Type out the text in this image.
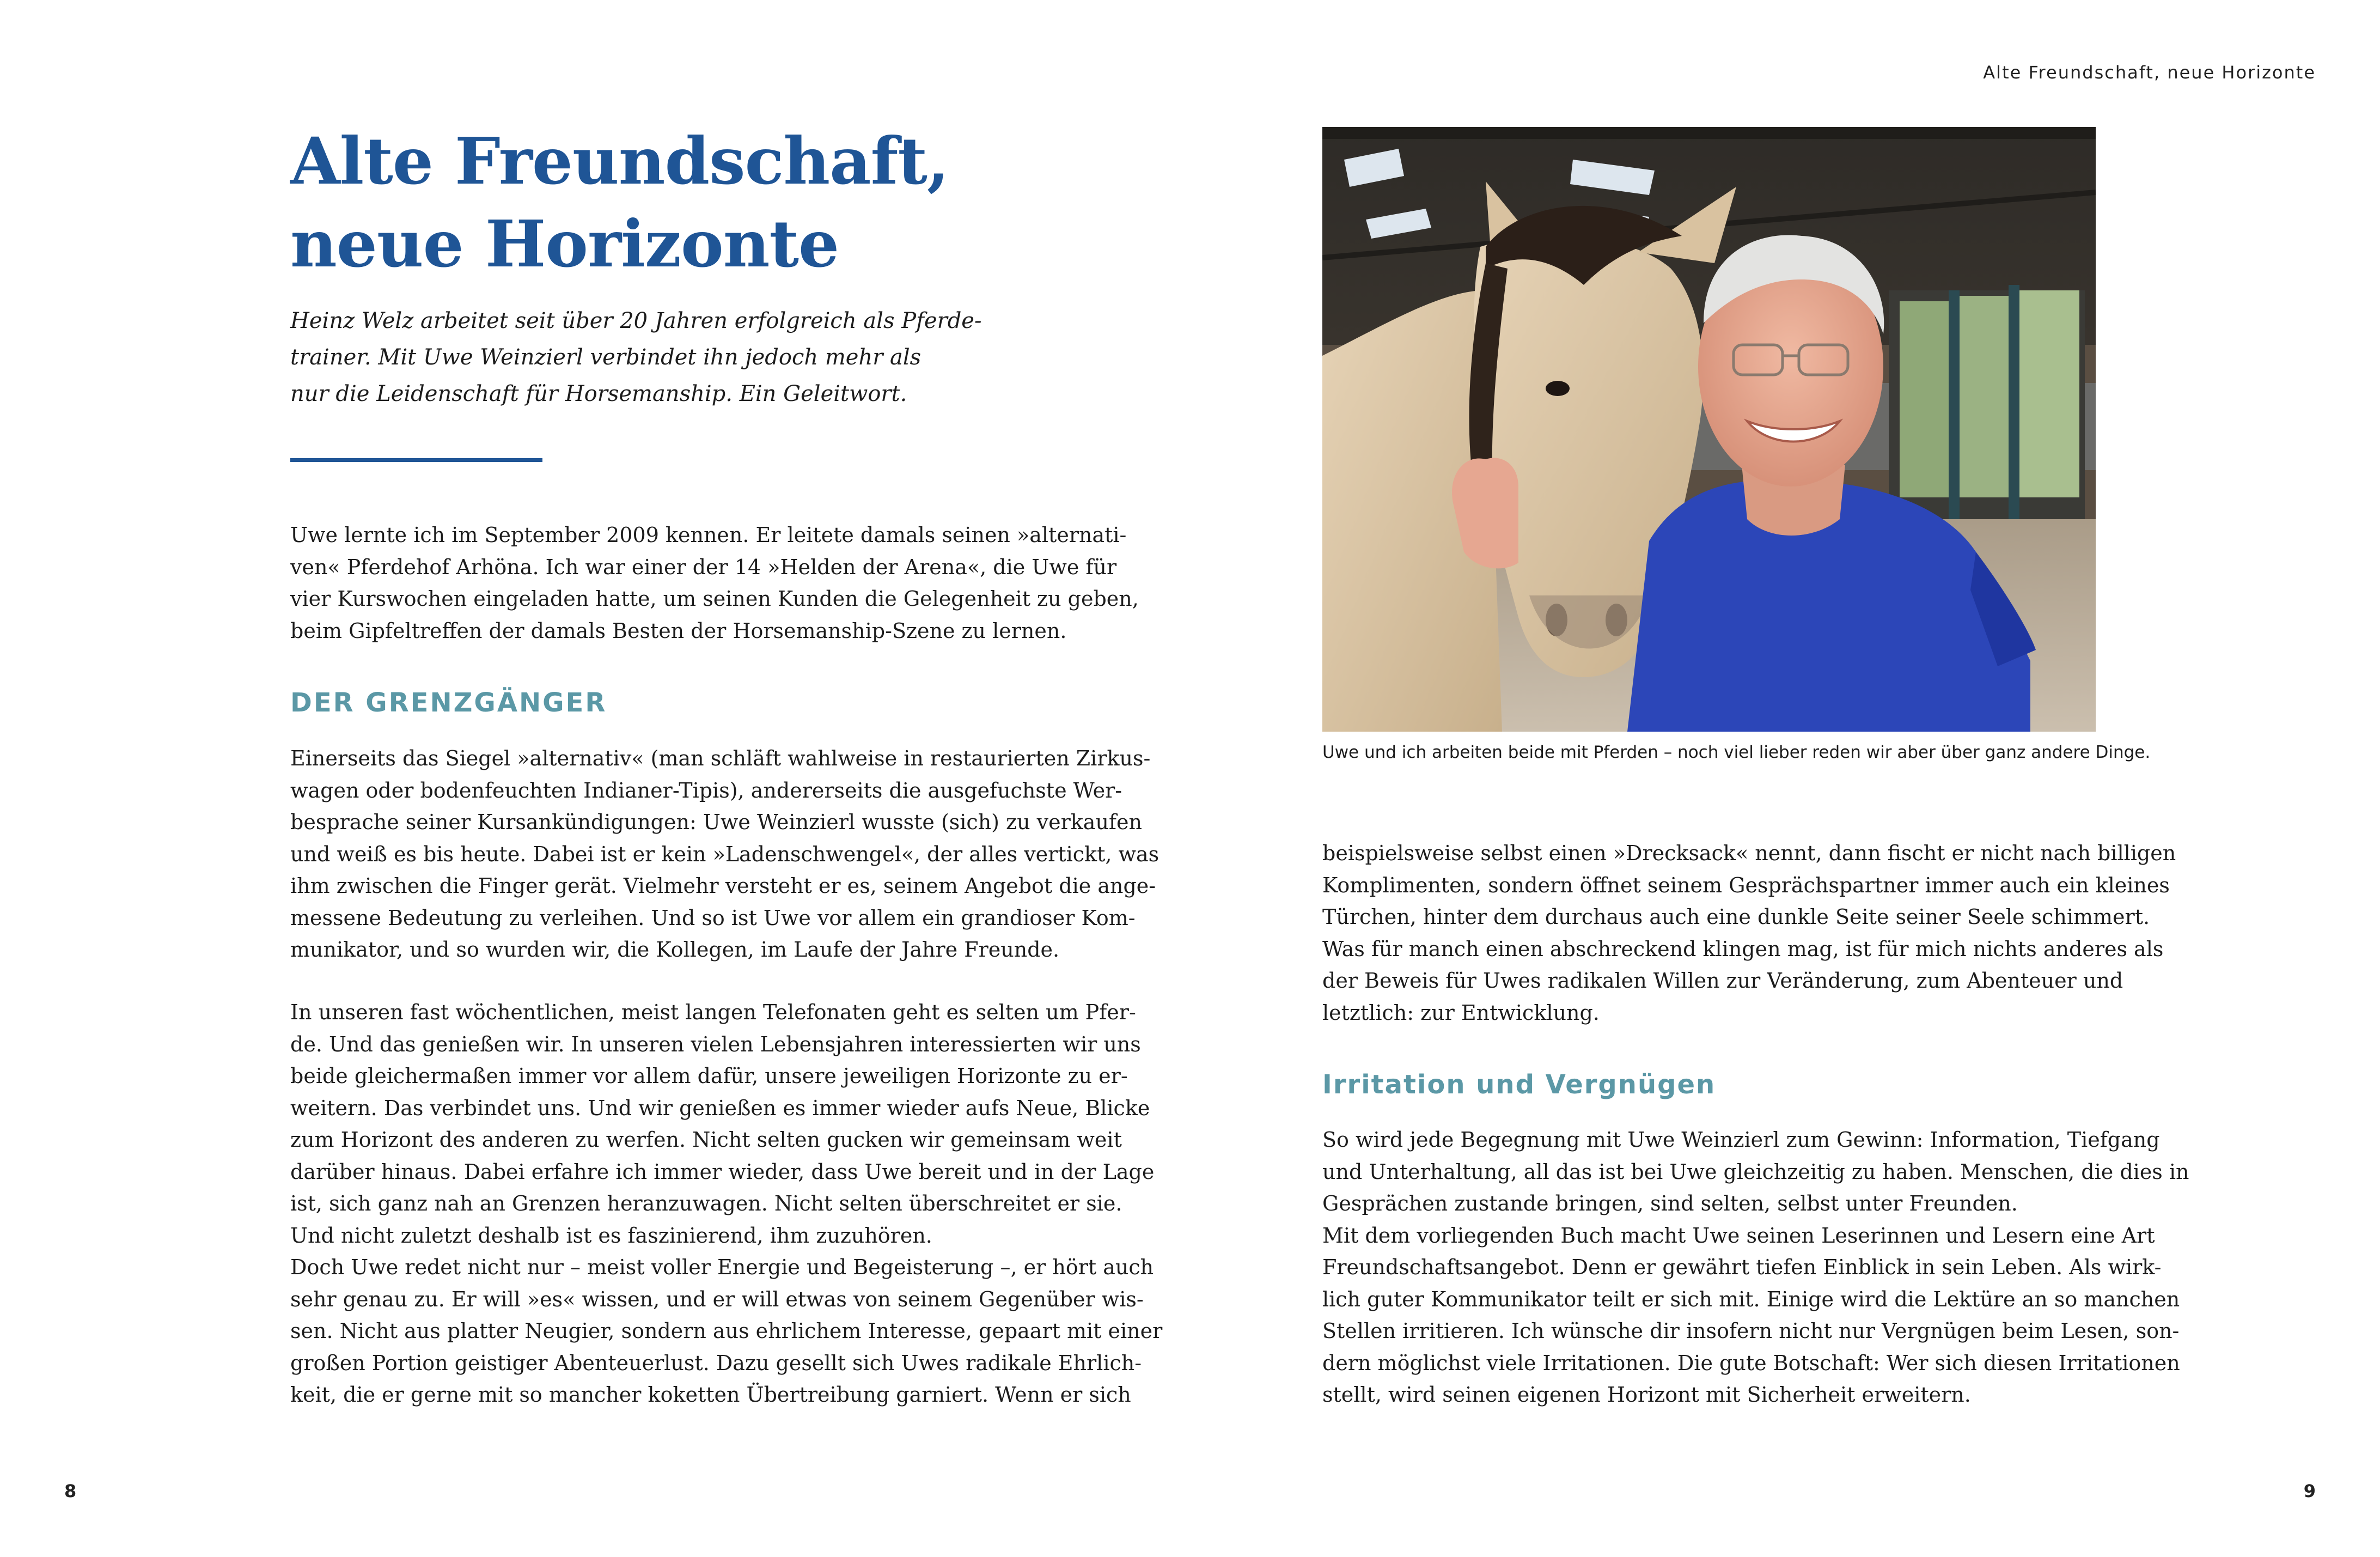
Alte Freundschaft,
neue Horizonte

Heinz Welz arbeitet seit über 20 Jahren erfolgreich als Pferde-
trainer. Mit Uwe Weinzierl verbindet ihn jedoch mehr als
nur die Leidenschaft für Horsemanship. Ein Geleitwort.

Uwe lernte ich im September 2009 kennen. Er leitete damals seinen »alternati-
ven« Pferdehof Arhöna. Ich war einer der 14 »Helden der Arena«, die Uwe für
vier Kurswochen eingeladen hatte, um seinen Kunden die Gelegenheit zu geben,
beim Gipfeltreffen der damals Besten der Horsemanship-Szene zu lernen.

DER GRENZGÄNGER

Einerseits das Siegel »alternativ« (man schläft wahlweise in restaurierten Zirkus-
wagen oder bodenfeuchten Indianer-Tipis), andererseits die ausgefuchste Wer-
besprache seiner Kursankündigungen: Uwe Weinzierl wusste (sich) zu verkaufen
und weiß es bis heute. Dabei ist er kein »Ladenschwengel«, der alles vertickt, was
ihm zwischen die Finger gerät. Vielmehr versteht er es, seinem Angebot die ange-
messene Bedeutung zu verleihen. Und so ist Uwe vor allem ein grandioser Kom-
munikator, und so wurden wir, die Kollegen, im Laufe der Jahre Freunde.

In unseren fast wöchentlichen, meist langen Telefonaten geht es selten um Pfer-
de. Und das genießen wir. In unseren vielen Lebensjahren interessierten wir uns
beide gleichermaßen immer vor allem dafür, unsere jeweiligen Horizonte zu er-
weitern. Das verbindet uns. Und wir genießen es immer wieder aufs Neue, Blicke
zum Horizont des anderen zu werfen. Nicht selten gucken wir gemeinsam weit
darüber hinaus. Dabei erfahre ich immer wieder, dass Uwe bereit und in der Lage
ist, sich ganz nah an Grenzen heranzuwagen. Nicht selten überschreitet er sie.
Und nicht zuletzt deshalb ist es faszinierend, ihm zuzuhören.
Doch Uwe redet nicht nur – meist voller Energie und Begeisterung –, er hört auch
sehr genau zu. Er will »es« wissen, und er will etwas von seinem Gegenüber wis-
sen. Nicht aus platter Neugier, sondern aus ehrlichem Interesse, gepaart mit einer
großen Portion geistiger Abenteuerlust. Dazu gesellt sich Uwes radikale Ehrlich-
keit, die er gerne mit so mancher koketten Übertreibung garniert. Wenn er sich

8
Alte Freundschaft, neue Horizonte
9

Uwe und ich arbeiten beide mit Pferden – noch viel lieber reden wir aber über ganz andere Dinge.

beispielsweise selbst einen »Drecksack« nennt, dann fischt er nicht nach billigen
Komplimenten, sondern öffnet seinem Gesprächspartner immer auch ein kleines
Türchen, hinter dem durchaus auch eine dunkle Seite seiner Seele schimmert.
Was für manch einen abschreckend klingen mag, ist für mich nichts anderes als
der Beweis für Uwes radikalen Willen zur Veränderung, zum Abenteuer und
letztlich: zur Entwicklung.

Irritation und Vergnügen

So wird jede Begegnung mit Uwe Weinzierl zum Gewinn: Information, Tiefgang
und Unterhaltung, all das ist bei Uwe gleichzeitig zu haben. Menschen, die dies in
Gesprächen zustande bringen, sind selten, selbst unter Freunden.
Mit dem vorliegenden Buch macht Uwe seinen Leserinnen und Lesern eine Art
Freundschaftsangebot. Denn er gewährt tiefen Einblick in sein Leben. Als wirk-
lich guter Kommunikator teilt er sich mit. Einige wird die Lektüre an so manchen
Stellen irritieren. Ich wünsche dir insofern nicht nur Vergnügen beim Lesen, son-
dern möglichst viele Irritationen. Die gute Botschaft: Wer sich diesen Irritationen
stellt, wird seinen eigenen Horizont mit Sicherheit erweitern.
